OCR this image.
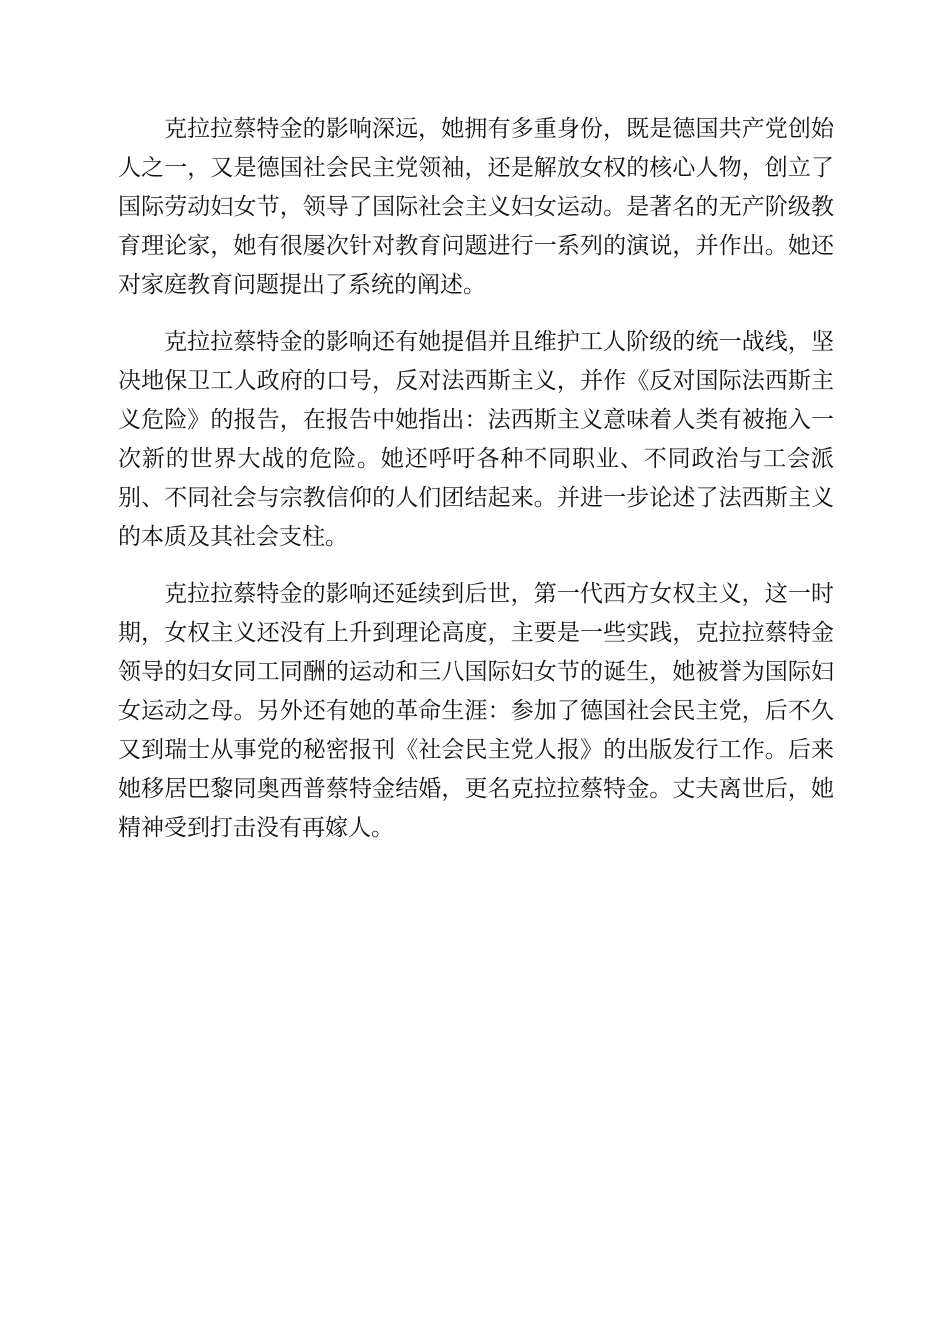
克拉拉蔡特金的影响深远，她拥有多重身份，既是德国共产党创始人之一，又是德国社会民主党领袖，还是解放女权的核心人物，创立了国际劳动妇女节，领导了国际社会主义妇女运动。是著名的无产阶级教育理论家，她有很屡次针对教育问题进行一系列的演说，并作出。她还对家庭教育问题提出了系统的阐述。

克拉拉蔡特金的影响还有她提倡并且维护工人阶级的统一战线，坚决地保卫工人政府的口号，反对法西斯主义，并作《反对国际法西斯主义危险》的报告，在报告中她指出：法西斯主义意味着人类有被拖入一次新的世界大战的危险。她还呼吁各种不同职业、不同政治与工会派别、不同社会与宗教信仰的人们团结起来。并进一步论述了法西斯主义的本质及其社会支柱。

克拉拉蔡特金的影响还延续到后世，第一代西方女权主义，这一时期，女权主义还没有上升到理论高度，主要是一些实践，克拉拉蔡特金领导的妇女同工同酬的运动和三八国际妇女节的诞生，她被誉为国际妇女运动之母。另外还有她的革命生涯：参加了德国社会民主党，后不久又到瑞士从事党的秘密报刊《社会民主党人报》的出版发行工作。后来她移居巴黎同奥西普蔡特金结婚，更名克拉拉蔡特金。丈夫离世后，她精神受到打击没有再嫁人。
